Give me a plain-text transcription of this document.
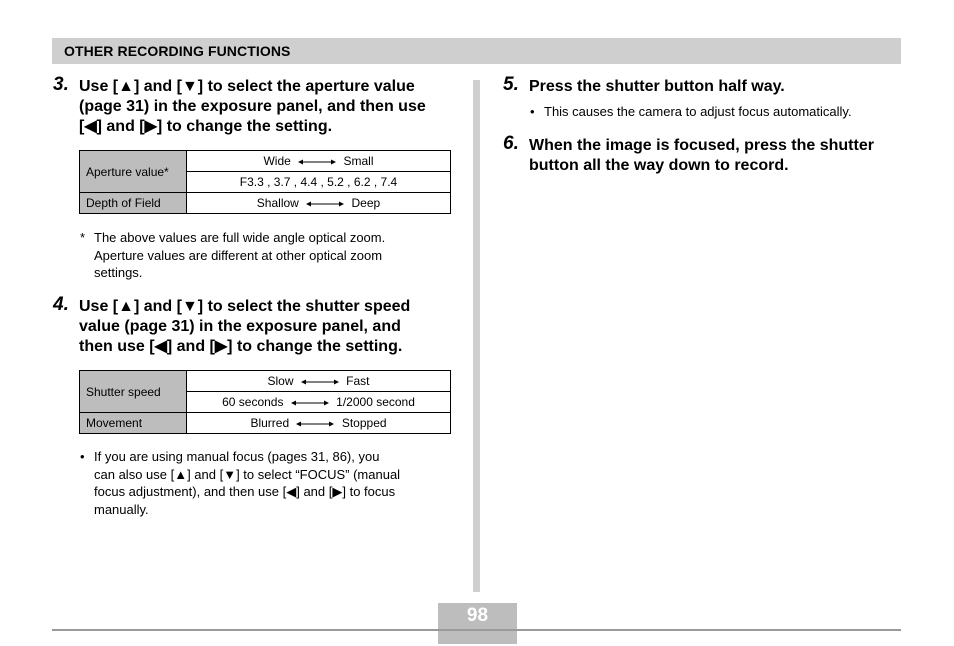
OTHER RECORDING FUNCTIONS
3. Use [▲] and [▼] to select the aperture value
(page 31) in the exposure panel, and then use
[◀] and [▶] to change the setting.
Aperture value*	Wide Small
	F3.3 , 3.7 , 4.4 , 5.2 , 6.2 , 7.4
Depth of Field	Shallow Deep
* The above values are full wide angle optical zoom.
Aperture values are different at other optical zoom
settings.
4. Use [▲] and [▼] to select the shutter speed
value (page 31) in the exposure panel, and
then use [◀] and [▶] to change the setting.
Shutter speed	Slow Fast
	60 seconds 1/2000 second
Movement	Blurred Stopped
• If you are using manual focus (pages 31, 86), you
can also use [▲] and [▼] to select “FOCUS” (manual
focus adjustment), and then use [◀] and [▶] to focus
manually.
5. Press the shutter button half way.
• This causes the camera to adjust focus automatically.
6. When the image is focused, press the shutter
button all the way down to record.
98
